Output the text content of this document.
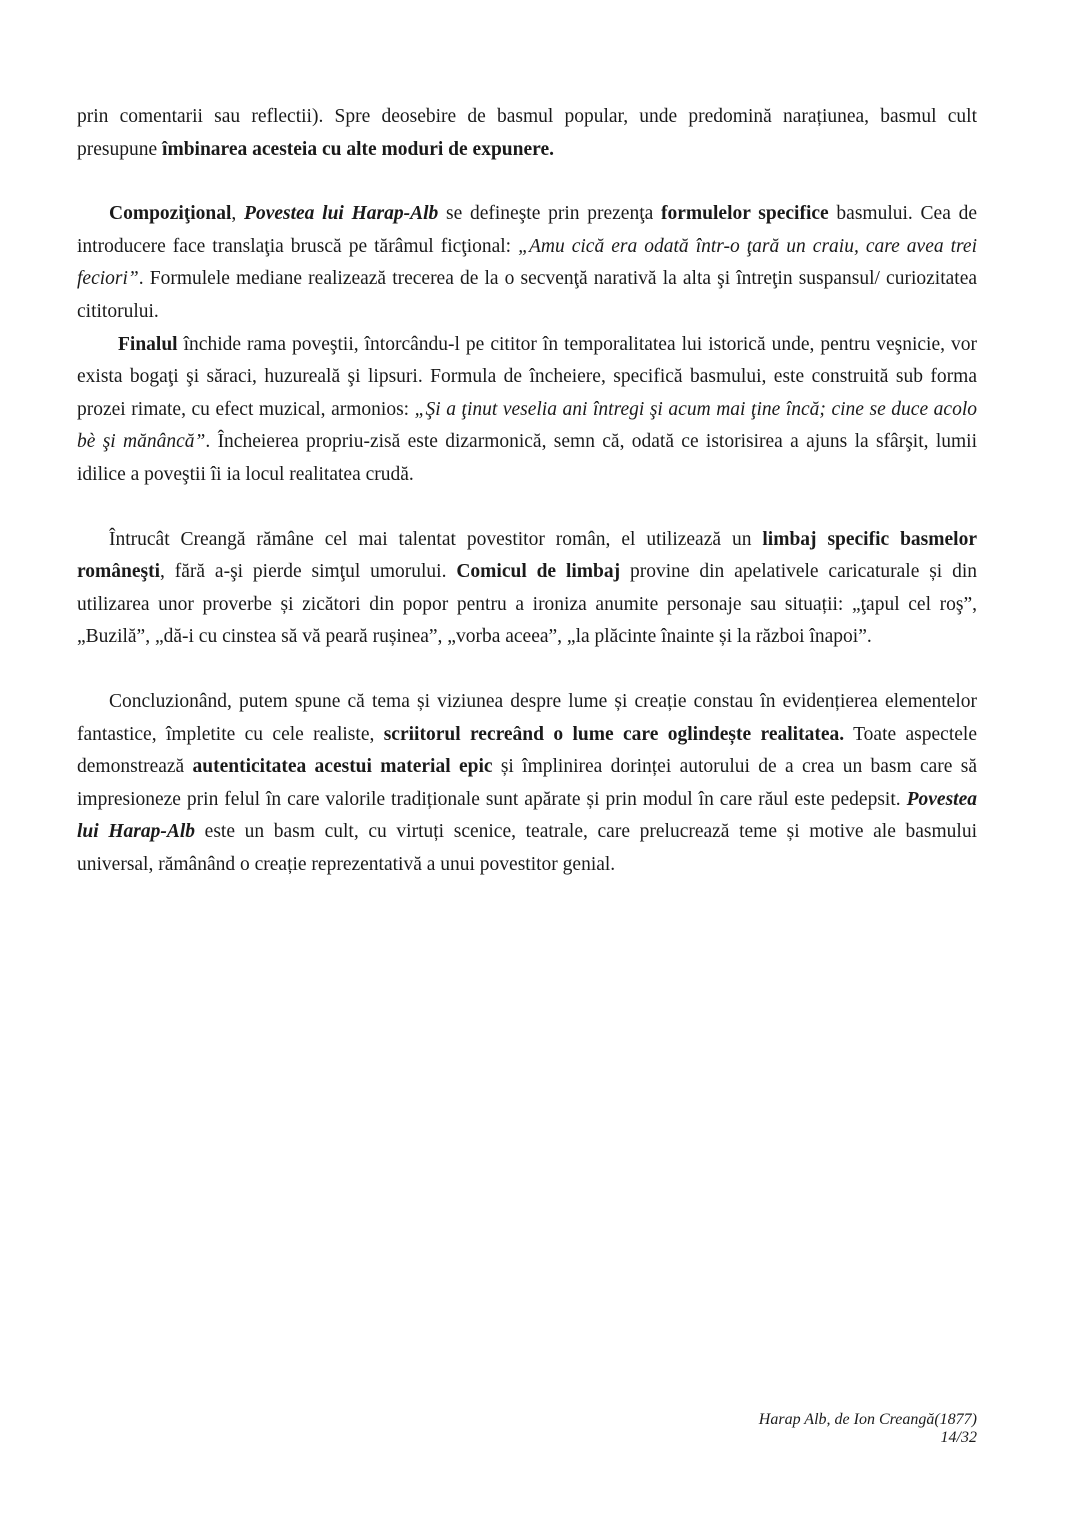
prin comentarii sau reflectii). Spre deosebire de basmul popular, unde predomină narațiunea, basmul cult presupune îmbinarea acesteia cu alte moduri de expunere.

Compoziţional, Povestea lui Harap-Alb se defineşte prin prezenţa formulelor specifice basmului. Cea de introducere face translaţia bruscă pe tărâmul ficţional: „Amu cică era odată într-o ţară un craiu, care avea trei feciori”. Formulele mediane realizează trecerea de la o secvenţă narativă la alta şi întreţin suspansul/ curiozitatea cititorului.

Finalul închide rama poveştii, întorcându-l pe cititor în temporalitatea lui istorică unde, pentru veşnicie, vor exista bogaţi şi săraci, huzureală şi lipsuri. Formula de încheiere, specifică basmului, este construită sub forma prozei rimate, cu efect muzical, armonios: „Şi a ţinut veselia ani întregi şi acum mai ţine încă; cine se duce acolo bè şi mănâncă”. Încheierea propriu-zisă este dizarmonică, semn că, odată ce istorisirea a ajuns la sfârşit, lumii idilice a poveştii îi ia locul realitatea crudă.

Întrucât Creangă rămâne cel mai talentat povestitor român, el utilizează un limbaj specific basmelor româneşti, fără a-şi pierde simţul umorului. Comicul de limbaj provine din apelativele caricaturale și din utilizarea unor proverbe și zicători din popor pentru a ironiza anumite personaje sau situații: „ţapul cel roş”, „Buzilă”, „dă-i cu cinstea să vă peară rușinea”, „vorba aceea”, „la plăcinte înainte și la război înapoi”.

Concluzionând, putem spune că tema și viziunea despre lume și creație constau în evidențierea elementelor fantastice, împletite cu cele realiste, scriitorul recreând o lume care oglindește realitatea. Toate aspectele demonstrează autenticitatea acestui material epic și împlinirea dorinței autorului de a crea un basm care să impresioneze prin felul în care valorile tradiționale sunt apărate și prin modul în care răul este pedepsit. Povestea lui Harap-Alb este un basm cult, cu virtuți scenice, teatrale, care prelucrează teme și motive ale basmului universal, rămânând o creație reprezentativă a unui povestitor genial.

Harap Alb, de Ion Creangă(1877)
14/32
